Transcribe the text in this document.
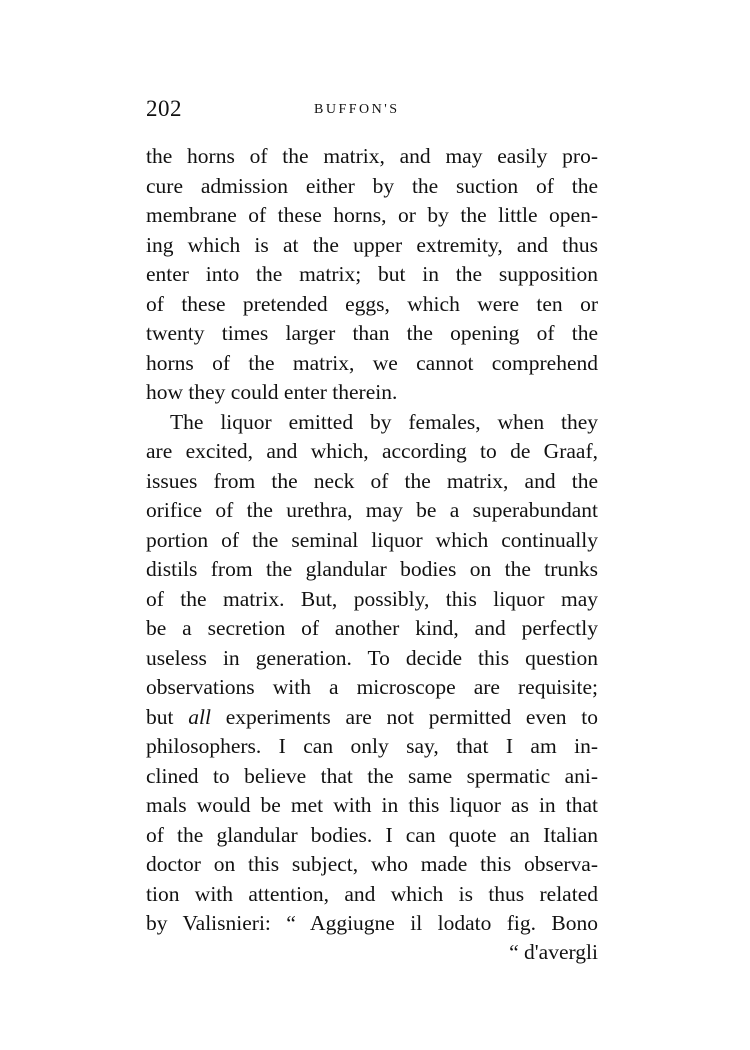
202	BUFFON'S
the horns of the matrix, and may easily pro-
cure admission either by the suction of the
membrane of these horns, or by the little open-
ing which is at the upper extremity, and thus
enter into the matrix; but in the supposition
of these pretended eggs, which were ten or
twenty times larger than the opening of the
horns of the matrix, we cannot comprehend
how they could enter therein.
The liquor emitted by females, when they
are excited, and which, according to de Graaf,
issues from the neck of the matrix, and the
orifice of the urethra, may be a superabundant
portion of the seminal liquor which continually
distils from the glandular bodies on the trunks
of the matrix. But, possibly, this liquor may
be a secretion of another kind, and perfectly
useless in generation. To decide this question
observations with a microscope are requisite;
but all experiments are not permitted even to
philosophers. I can only say, that I am in-
clined to believe that the same spermatic ani-
mals would be met with in this liquor as in that
of the glandular bodies. I can quote an Italian
doctor on this subject, who made this observa-
tion with attention, and which is thus related
by Valisnieri: “ Aggiugne il lodato fig. Bono
“ d'avergli
